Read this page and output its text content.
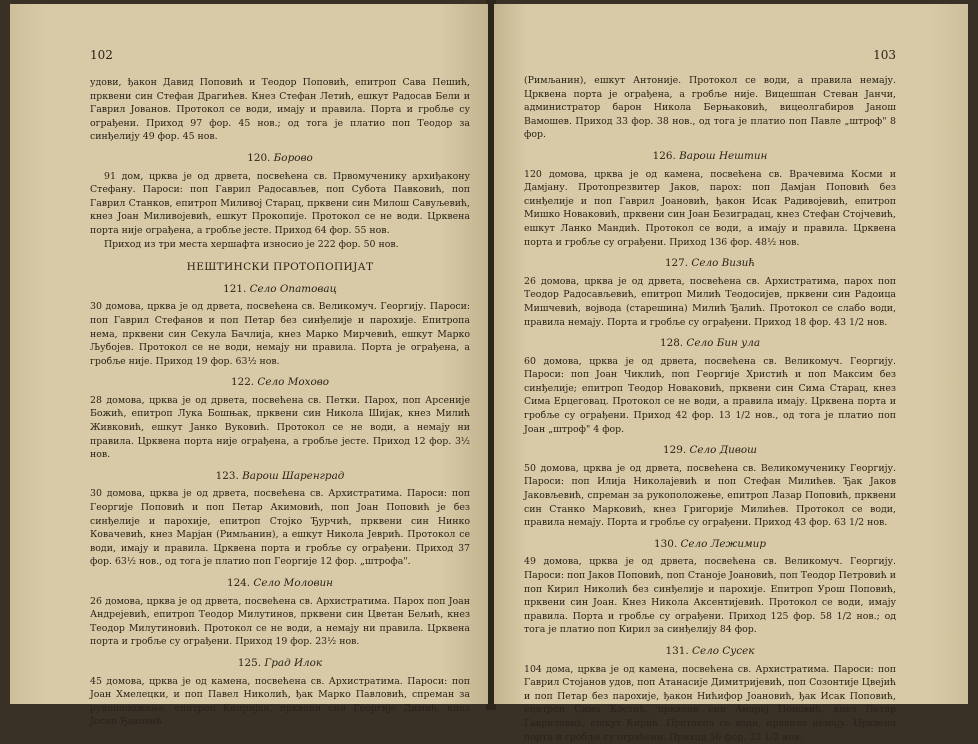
102

удови, ђакон Давид Поповић и Теодор Поповић, епитроп Сава Пешић, прквени син Стефан Драгићев. Кнез Стефан Летић, ешкут Радосав Бели и Гаврил Јованов. Протокол се води, имају и правила. Порта и гробље су ограђени. Приход 97 фор. 45 нов.; од тога је платио поп Теодор за синђелију 49 фор. 45 нов.

120. Борово

91 дом, црква је од дрвета, посвећена св. Првомученику архиђакону Стефану. Пароси: поп Гаврил Радосављев, поп Субота Павковић, поп Гаврил Станков, епитроп Миливој Старац, прквени син Милош Савуљевић, кнез Јоан Миливојевић, ешкут Прокопије. Протокол се не води. Црквена порта није ограђена, а гробље јесте. Приход 64 фор. 55 нов.

Приход из три места хершафта износио је 222 фор. 50 нов.

НЕШТИНСКИ ПРОТОПОПИЈАТ
121. Село Опатовац

30 домова, црква је од дрвета, посвећена св. Великомуч. Георгију. Пароси: поп Гаврил Стефанов и поп Петар без синђелије и парохије. Епитропа нема, прквени син Секула Бачлија, кнез Марко Мирчевић, ешкут Марко Љубојев. Протокол се не води, немају ни правила. Порта је ограђена, а гробље није. Приход 19 фор. 63½ нов.

122. Село Мохово

28 домова, црква је од дрвета, посвећена св. Петки. Парох, поп Арсеније Божић, епитроп Лука Бошњак, прквени син Никола Шијак, кнез Милић Живковић, ешкут Јанко Вуковић. Протокол се не води, а немају ни правила. Црквена порта није ограђена, а гробље јесте. Приход 12 фор. 3½ нов.

123. Варош Шаренград

30 домова, црква је од дрвета, посвећена св. Архистратима. Пароси: поп Георгије Поповић и поп Петар Акимовић, поп Јоан Поповић је без синђелије и парохије, епитроп Стојко Ђурчић, прквени син Нинко Ковачевић, кнез Марјан (Римљанин), а ешкут Никола Јеврић. Протокол се води, имају и правила. Црквена порта и гробље су ограђени. Приход 37 фор. 63½ нов., од тога је платио поп Георгије 12 фор. „штрофа".

124. Село Моловин

26 домова, црква је од дрвета, посвећена св. Архистратима. Парох поп Јоан Андрејевић, епитроп Теодор Милутинов, прквени син Цветан Бељић, кнез Теодор Милутиновић. Протокол се не води, а немају ни правила. Црквена порта и гробље су ограђени. Приход 19 фор. 23½ нов.

125. Град Илок

45 домова, црква је од камена, посвећена св. Архистратима. Пароси: поп Јоан Хмелецки, и поп Павел Николић, ђак Марко Павловић, спреман за рукоположење, епитроп Кипријан, прквени син Георгије Димић, кнез Јосип Ђаковић

103

(Римљанин), ешкут Антоније. Протокол се води, а правила немају. Црквена порта је ограђена, а гробље није. Вицешпан Стеван Јанчи, администратор барон Никола Берњаковић, вицеолгабиров Јанош Вамошев. Приход 33 фор. 38 нов., од тога је платио поп Павле „штроф" 8 фор.

126. Варош Нештин

120 домова, црква је од камена, посвећена св. Врачевима Косми и Дамјану. Протопрезвитер Јаков, парох: поп Дамјан Поповић без синђелије и поп Гаврил Јоановић, ђакон Исак Радивојевић, епитроп Мишко Новаковић, прквени син Јоан Безиградац, кнез Стефан Стојчевић, ешкут Ланко Мандић. Протокол се води, а имају и правила. Црквена порта и гробље су ограђени. Приход 136 фор. 48½ нов.

127. Село Визић

26 домова, црква је од дрвета, посвећена св. Архистратима, парох поп Теодор Радосављевић, епитроп Милић Теодосијев, прквени син Радоица Мишчевић, војвода (старешина) Милић Ђалић. Протокол се слабо води, правила немају. Порта и гробље су ограђени. Приход 18 фор. 43 1/2 нов.

128. Село Бин ула

60 домова, црква је од дрвета, посвећена св. Великомуч. Георгију. Пароси: поп Јоан Чиклић, поп Георгије Христић и поп Максим без синђелије; епитроп Теодор Новаковић, прквени син Сима Старац, кнез Сима Ерцеговац. Протокол се не води, а правила имају. Црквена порта и гробље су ограђени. Приход 42 фор. 13 1/2 нов., од тога је платио поп Јоан „штроф" 4 фор.

129. Село Дивош

50 домова, црква је од дрвета, посвећена св. Великомученику Георгију. Пароси: поп Илија Николајевић и поп Стефан Милићев. Ђак Јаков Јаковљевић, спреман за рукоположење, епитроп Лазар Поповић, прквени син Станко Марковић, кнез Григорије Милићев. Протокол се води, правила немају. Порта и гробље су ограђени. Приход 43 фор. 63 1/2 нов.

130. Село Лежимир

49 домова, црква је од дрвета, посвећена св. Великомуч. Георгију. Пароси: поп Јаков Поповић, поп Станоје Јоановић, поп Теодор Петровић и поп Кирил Николић без синђелије и парохије. Епитроп Урош Поповић, прквени син Јоан. Кнез Никола Аксентијевић. Протокол се води, имају правила. Порта и гробље су ограђени. Приход 125 фор. 58 1/2 нов.; од тога је платио поп Кирил за синђелију 84 фор.

131. Село Сусек

104 дома, црква је од камена, посвећена св. Архистратима. Пароси: поп Гаврил Стојанов удов, поп Атанасије Димитријевић, поп Созонтије Цвејић и поп Петар без парохије, ђакон Нићифор Јоановић, ђак Исак Поповић, епитроп Сима Костић, прквени син Андреј Поповић, кнез Петар Гавриловић, ешкут Кирић. Протокол се води, правила немају. Црквена порта и гробље су ограђени. Приход 56 фор. 33 1/2 нов.
